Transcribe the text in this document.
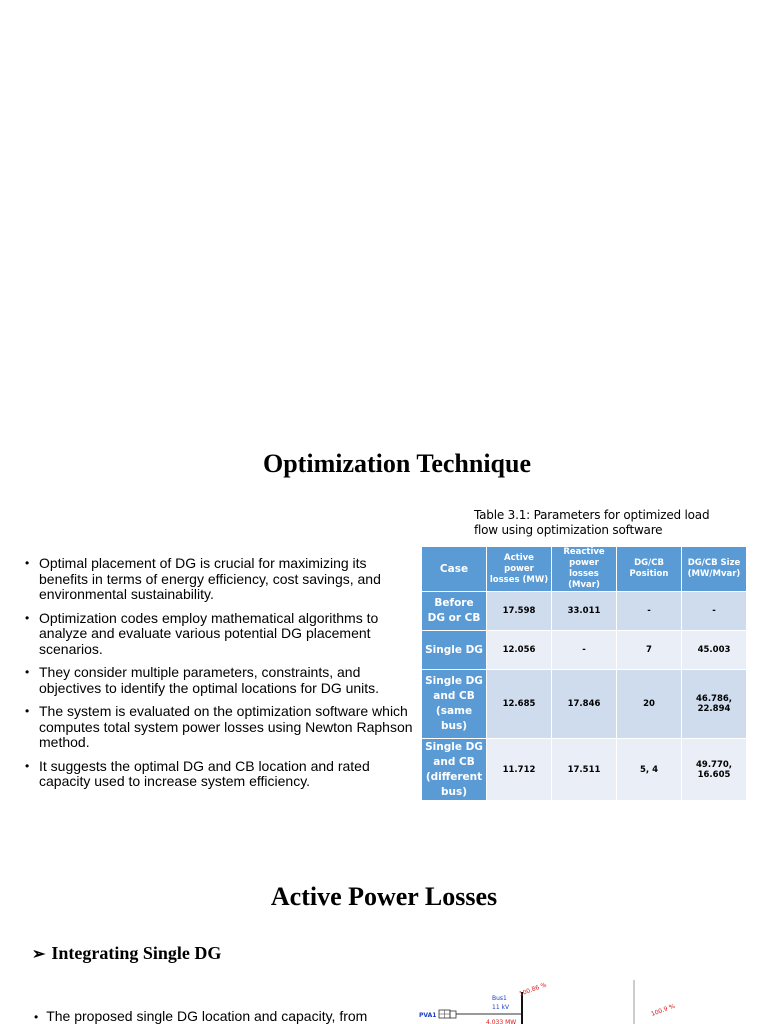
Optimization Technique
Table 3.1: Parameters for optimized load flow using optimization software
• Optimal placement of DG is crucial for maximizing its benefits in terms of energy efficiency, cost savings, and environmental sustainability.
• Optimization codes employ mathematical algorithms to analyze and evaluate various potential DG placement scenarios.
• They consider multiple parameters, constraints, and objectives to identify the optimal locations for DG units.
• The system is evaluated on the optimization software which computes total system power losses using Newton Raphson method.
• It suggests the optimal DG and CB location and rated capacity used to increase system efficiency.
Case	Active power losses (MW)	Reactive power losses (Mvar)	DG/CB Position	DG/CB Size (MW/Mvar)
Before DG or CB	17.598	33.011	-	-
Single DG	12.056	-	7	45.003
Single DG and CB (same bus)	12.685	17.846	20	46.786, 22.894
Single DG and CB (different bus)	11.712	17.511	5, 4	49.770, 16.605
Active Power Losses
➢ Integrating Single DG
• The proposed single DG location and capacity, from	PVA1
Bus1
11 kV
100.86 %
4.033 MW
100.9 %
